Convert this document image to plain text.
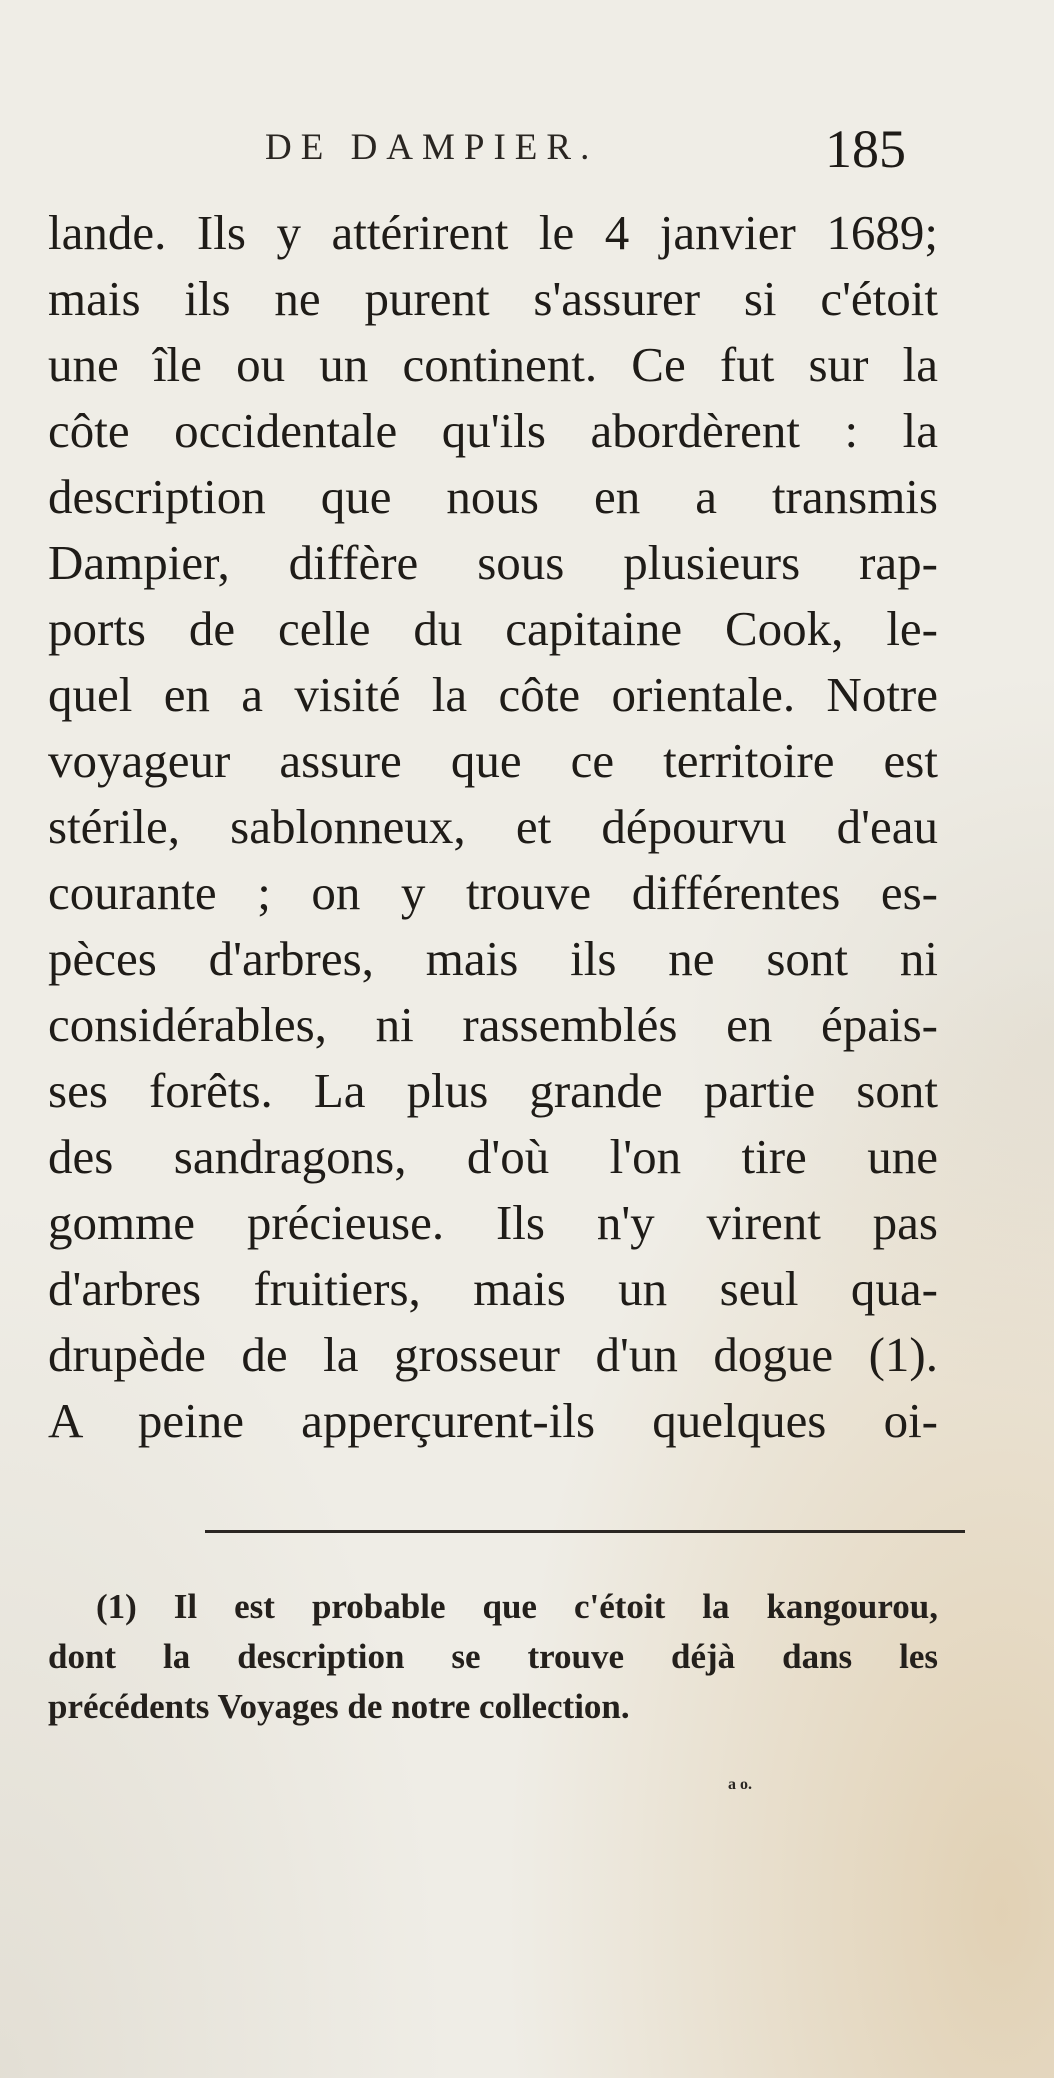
DE DAMPIER.	185
lande. Ils y attérirent le 4 janvier 1689;
mais ils ne purent s'assurer si c'étoit
une île ou un continent. Ce fut sur la
côte occidentale qu'ils abordèrent : la
description que nous en a transmis
Dampier, diffère sous plusieurs rap-
ports de celle du capitaine Cook, le-
quel en a visité la côte orientale. Notre
voyageur assure que ce territoire est
stérile, sablonneux, et dépourvu d'eau
courante ; on y trouve différentes es-
pèces d'arbres, mais ils ne sont ni
considérables, ni rassemblés en épais-
ses forêts. La plus grande partie sont
des sandragons, d'où l'on tire une
gomme précieuse. Ils n'y virent pas
d'arbres fruitiers, mais un seul qua-
drupède de la grosseur d'un dogue (1).
A peine apperçurent-ils quelques oi-
(1) Il est probable que c'étoit la kangourou,
dont la description se trouve déjà dans les
précédents Voyages de notre collection.
a o.
